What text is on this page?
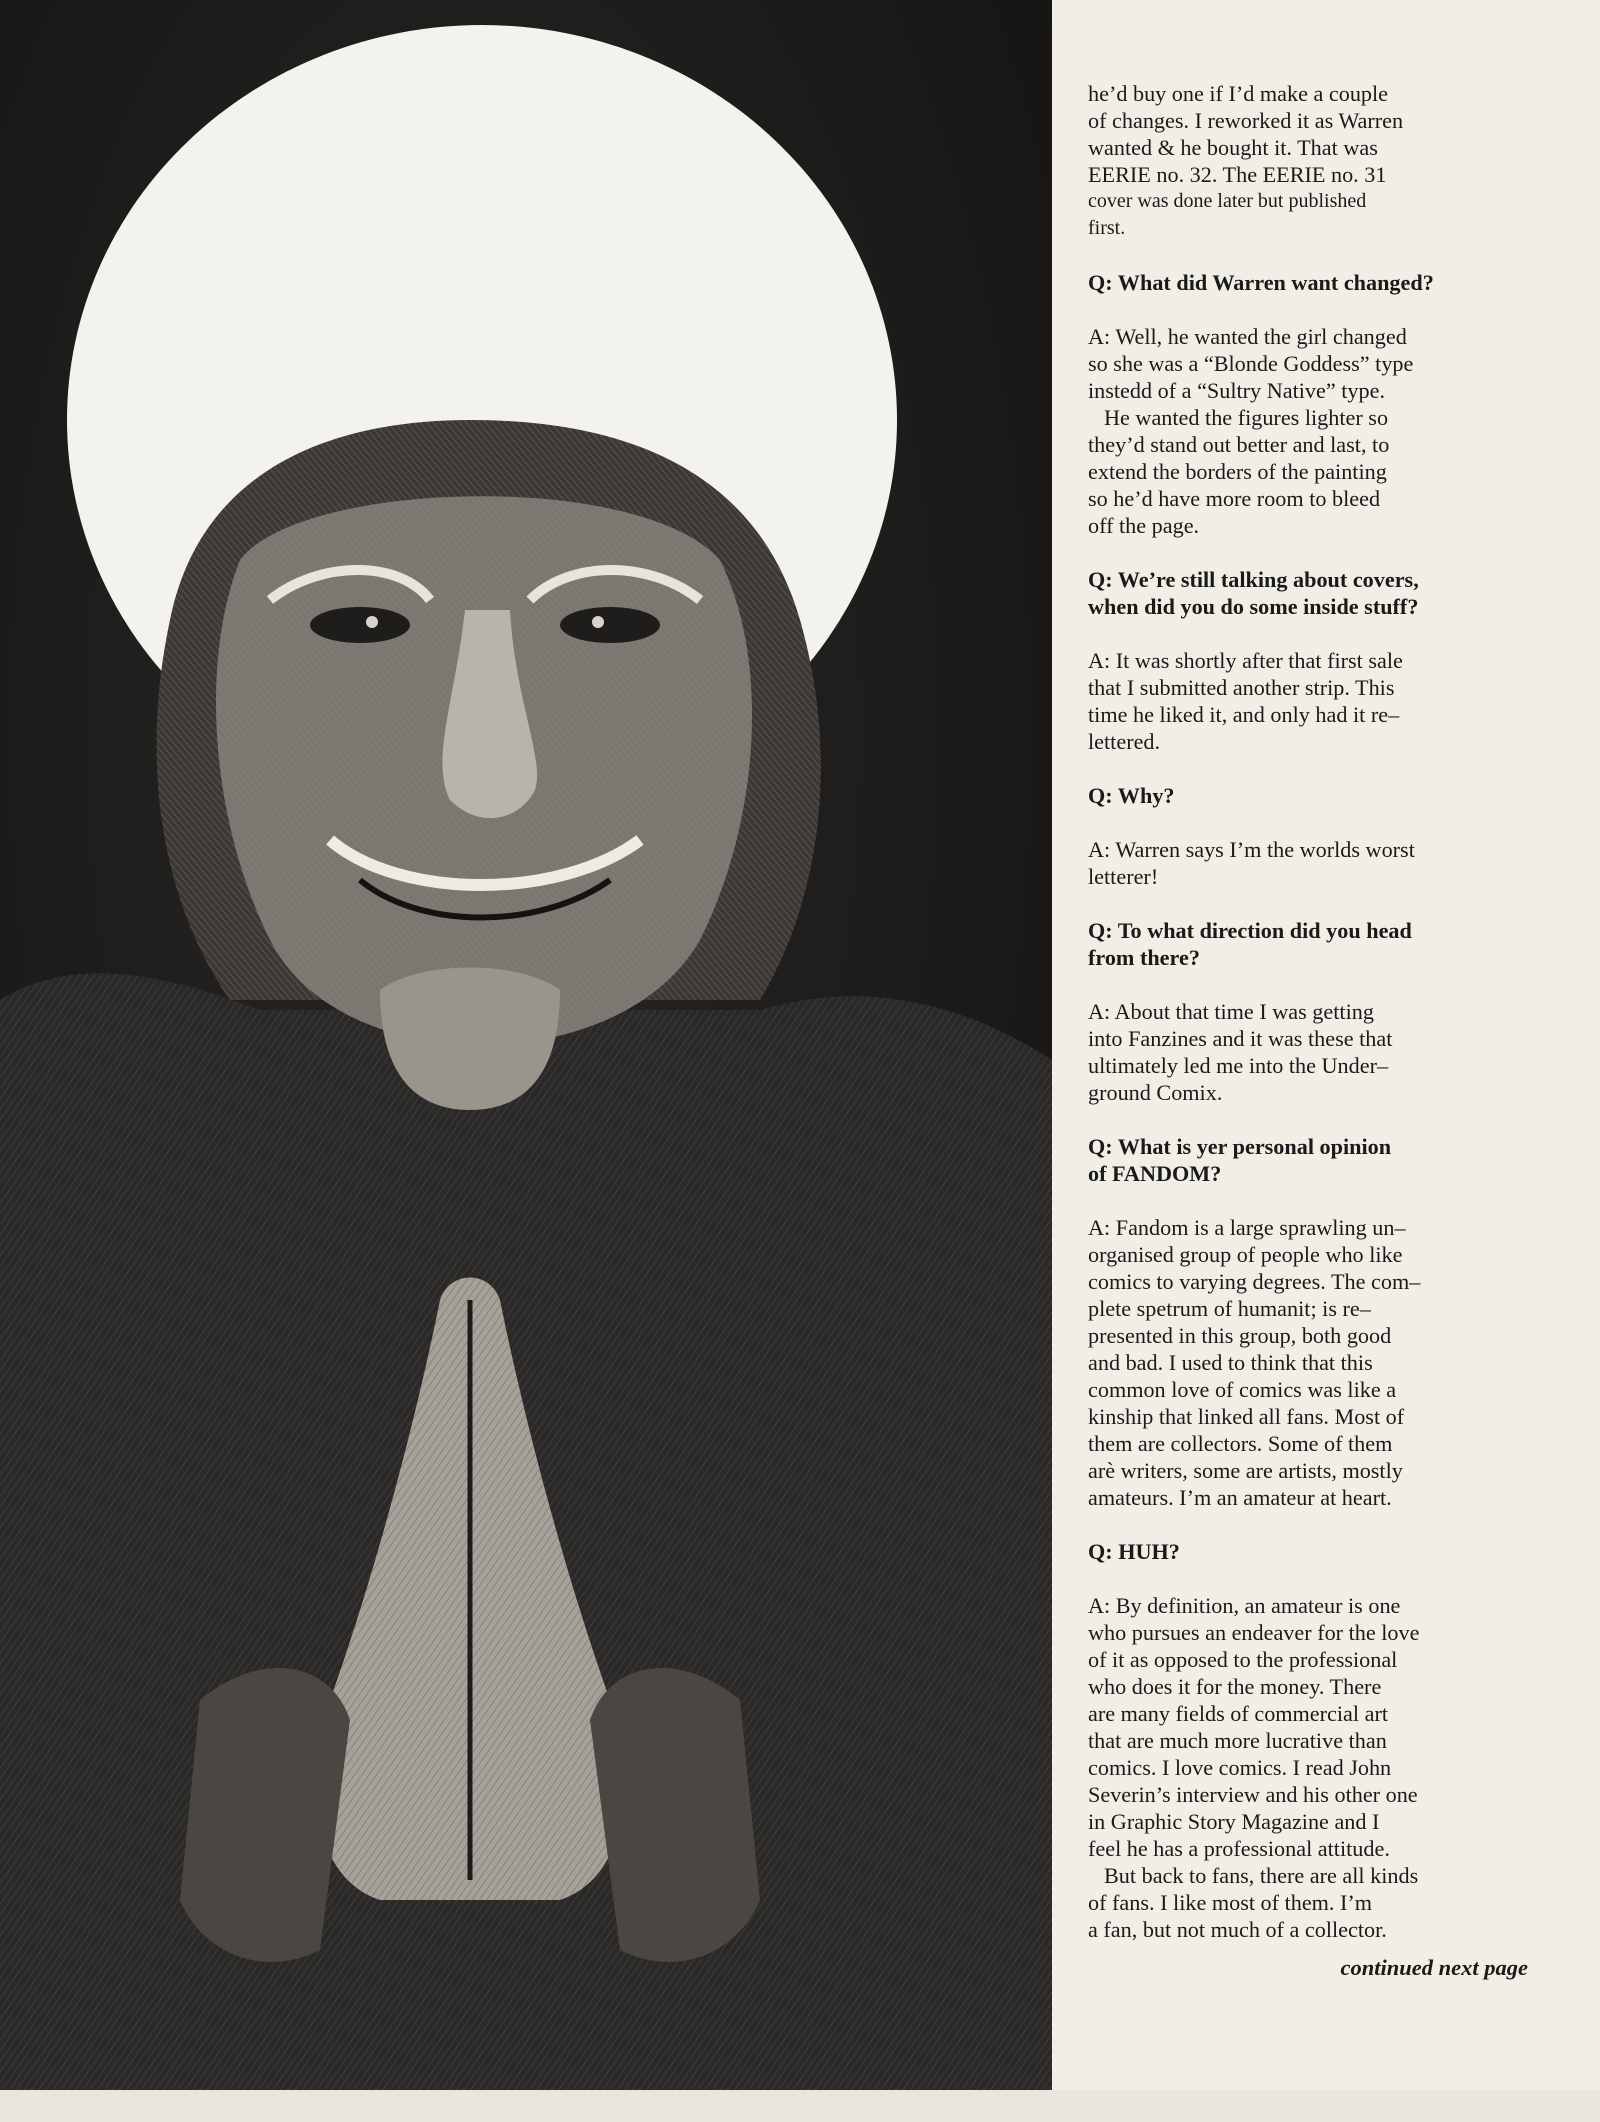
he’d buy one if I’d make a couple

of changes. I reworked it as Warren

wanted & he bought it. That was

EERIE no. 32. The EERIE no. 31

cover was done later but published

first.

Q: What did Warren want changed?

A: Well, he wanted the girl changed

so she was a “Blonde Goddess” type

instedd of a “Sultry Native” type.

He wanted the figures lighter so

they’d stand out better and last, to

extend the borders of the painting

so he’d have more room to bleed

off the page.

Q: We’re still talking about covers,

when did you do some inside stuff?

A: It was shortly after that first sale

that I submitted another strip. This

time he liked it, and only had it re–

lettered.

Q: Why?

A: Warren says I’m the worlds worst

letterer!

Q: To what direction did you head

from there?

A: About that time I was getting

into Fanzines and it was these that

ultimately led me into the Under–

ground Comix.

Q: What is yer personal opinion

of FANDOM?

A: Fandom is a large sprawling un–

organised group of people who like

comics to varying degrees. The com–

plete spetrum of humanit; is re–

presented in this group, both good

and bad. I used to think that this

common love of comics was like a

kinship that linked all fans. Most of

them are collectors. Some of them

arè writers, some are artists, mostly

amateurs. I’m an amateur at heart.

Q: HUH?

A: By definition, an amateur is one

who pursues an endeaver for the love

of it as opposed to the professional

who does it for the money. There

are many fields of commercial art

that are much more lucrative than

comics. I love comics. I read John

Severin’s interview and his other one

in Graphic Story Magazine and I

feel he has a professional attitude.

But back to fans, there are all kinds

of fans. I like most of them. I’m

a fan, but not much of a collector.

continued next page
